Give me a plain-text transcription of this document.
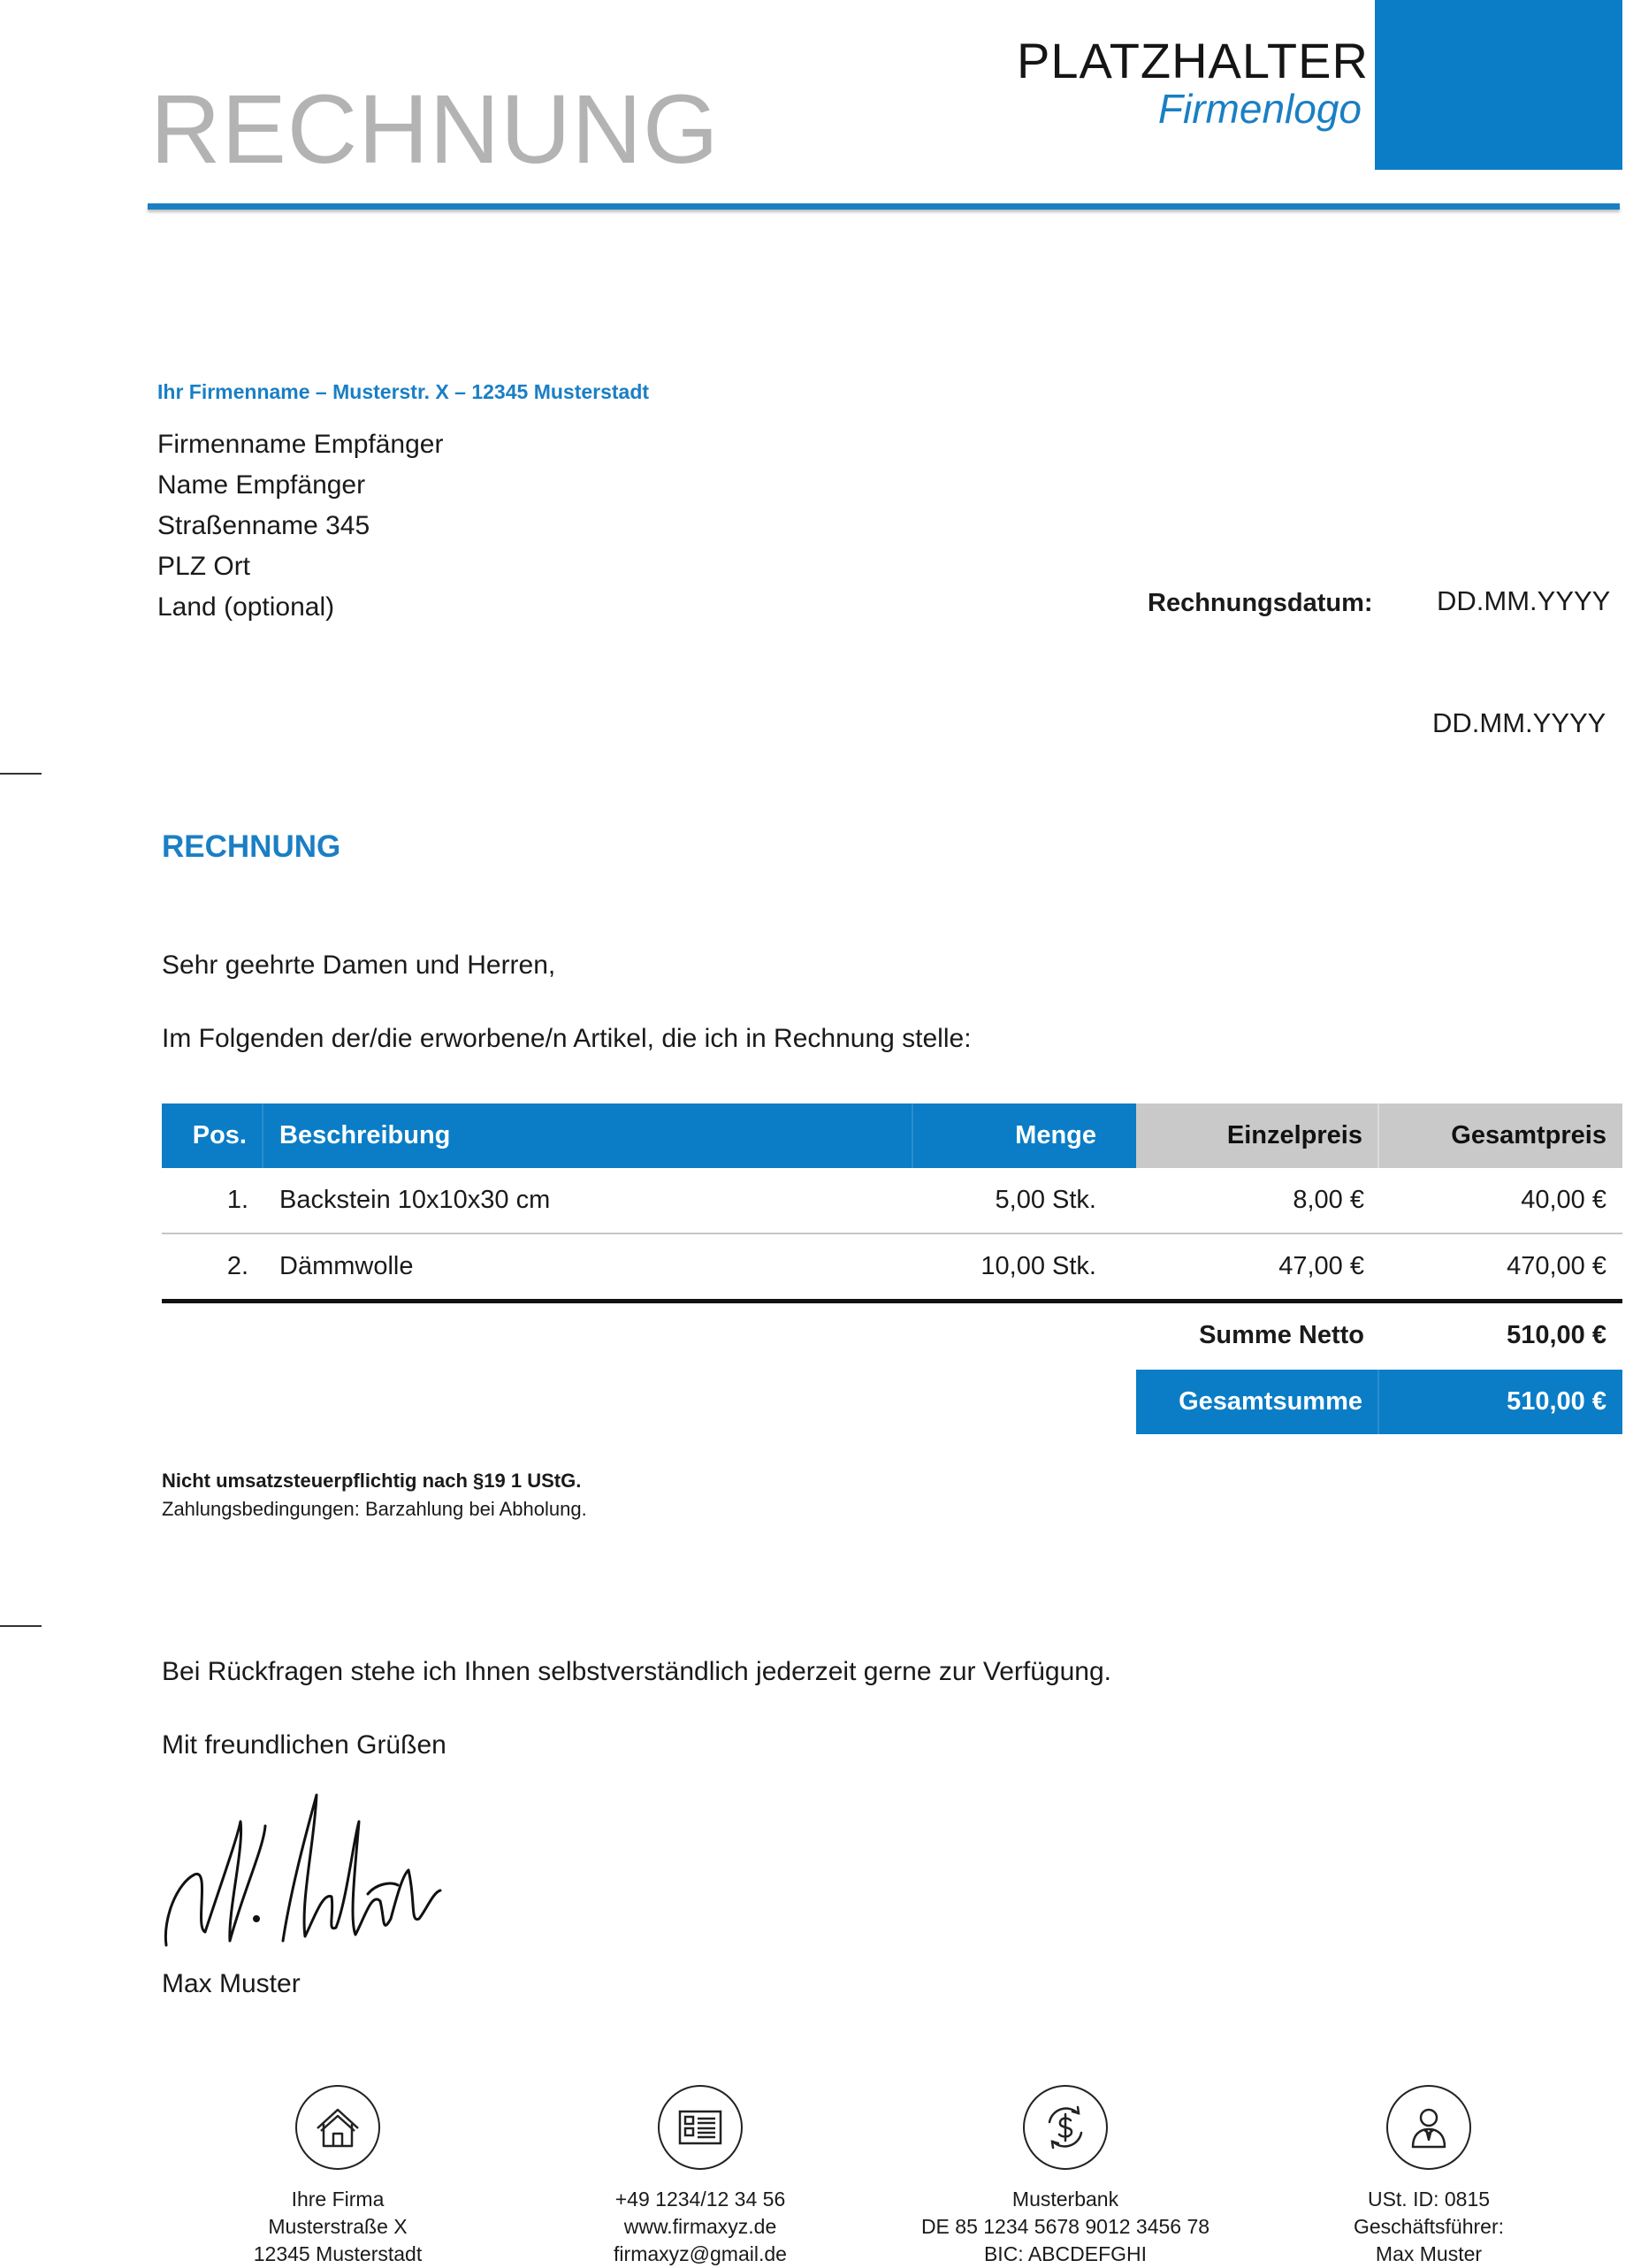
RECHNUNG
PLATZHALTER
Firmenlogo
Ihr Firmenname – Musterstr. X – 12345 Musterstadt
Firmenname Empfänger
Name Empfänger
Straßenname 345
PLZ Ort
Land (optional)	Rechnungsdatum: DD.MM.YYYY
DD.MM.YYYY
RECHNUNG
Sehr geehrte Damen und Herren,
Im Folgenden der/die erworbene/n Artikel, die ich in Rechnung stelle:
Pos.	Beschreibung	Menge	Einzelpreis	Gesamtpreis
1.	Backstein 10x10x30 cm	5,00 Stk.	8,00 €	40,00 €
2.	Dämmwolle	10,00 Stk.	47,00 €	470,00 €
Summe Netto	510,00 €
Gesamtsumme	510,00 €
Nicht umsatzsteuerpflichtig nach §19 1 UStG.
Zahlungsbedingungen: Barzahlung bei Abholung.
Bei Rückfragen stehe ich Ihnen selbstverständlich jederzeit gerne zur Verfügung.
Mit freundlichen Grüßen
Max Muster
Ihre Firma
Musterstraße X
12345 Musterstadt
+49 1234/12 34 56
www.firmaxyz.de
firmaxyz@gmail.de
Musterbank
DE 85 1234 5678 9012 3456 78
BIC: ABCDEFGHI
USt. ID: 0815
Geschäftsführer:
Max Muster
